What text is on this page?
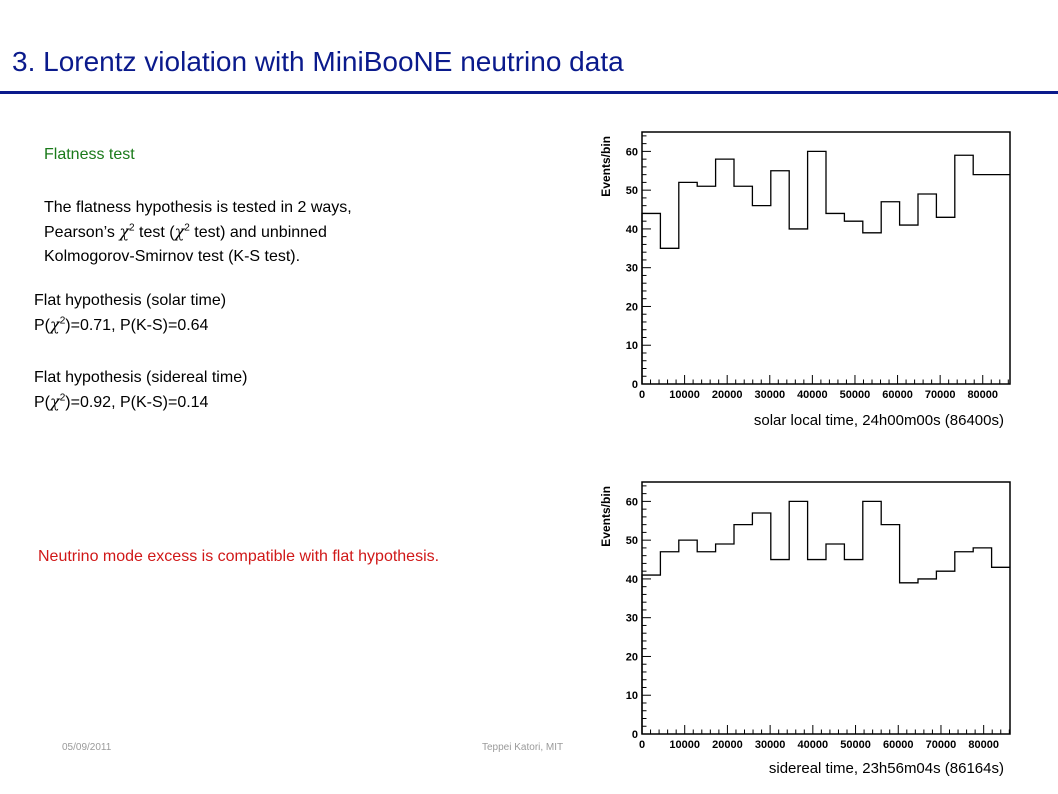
3. Lorentz violation with MiniBooNE neutrino data
Flatness test
The flatness hypothesis is tested in 2 ways,
Pearson’s $\chi^2$ test ($\chi^2$ test) and unbinned
Kolmogorov-Smirnov test (K-S test).
Flat hypothesis (solar time)
$P(\chi^2)=0.71$, P(K-S)=0.64
Flat hypothesis (sidereal time)
$P(\chi^2)=0.92$, P(K-S)=0.14
Neutrino mode excess is compatible with flat hypothesis.
0 10000 20000 30000 40000 50000 60000 70000 80000
0
10
20
30
40
50
60
Events/bin
solar local time, 24h00m00s (86400s)
0 10000 20000 30000 40000 50000 60000 70000 80000
0
10
20
30
40
50
60
Events/bin
sidereal time, 23h56m04s (86164s)
05/09/2011	Teppei Katori, MIT
